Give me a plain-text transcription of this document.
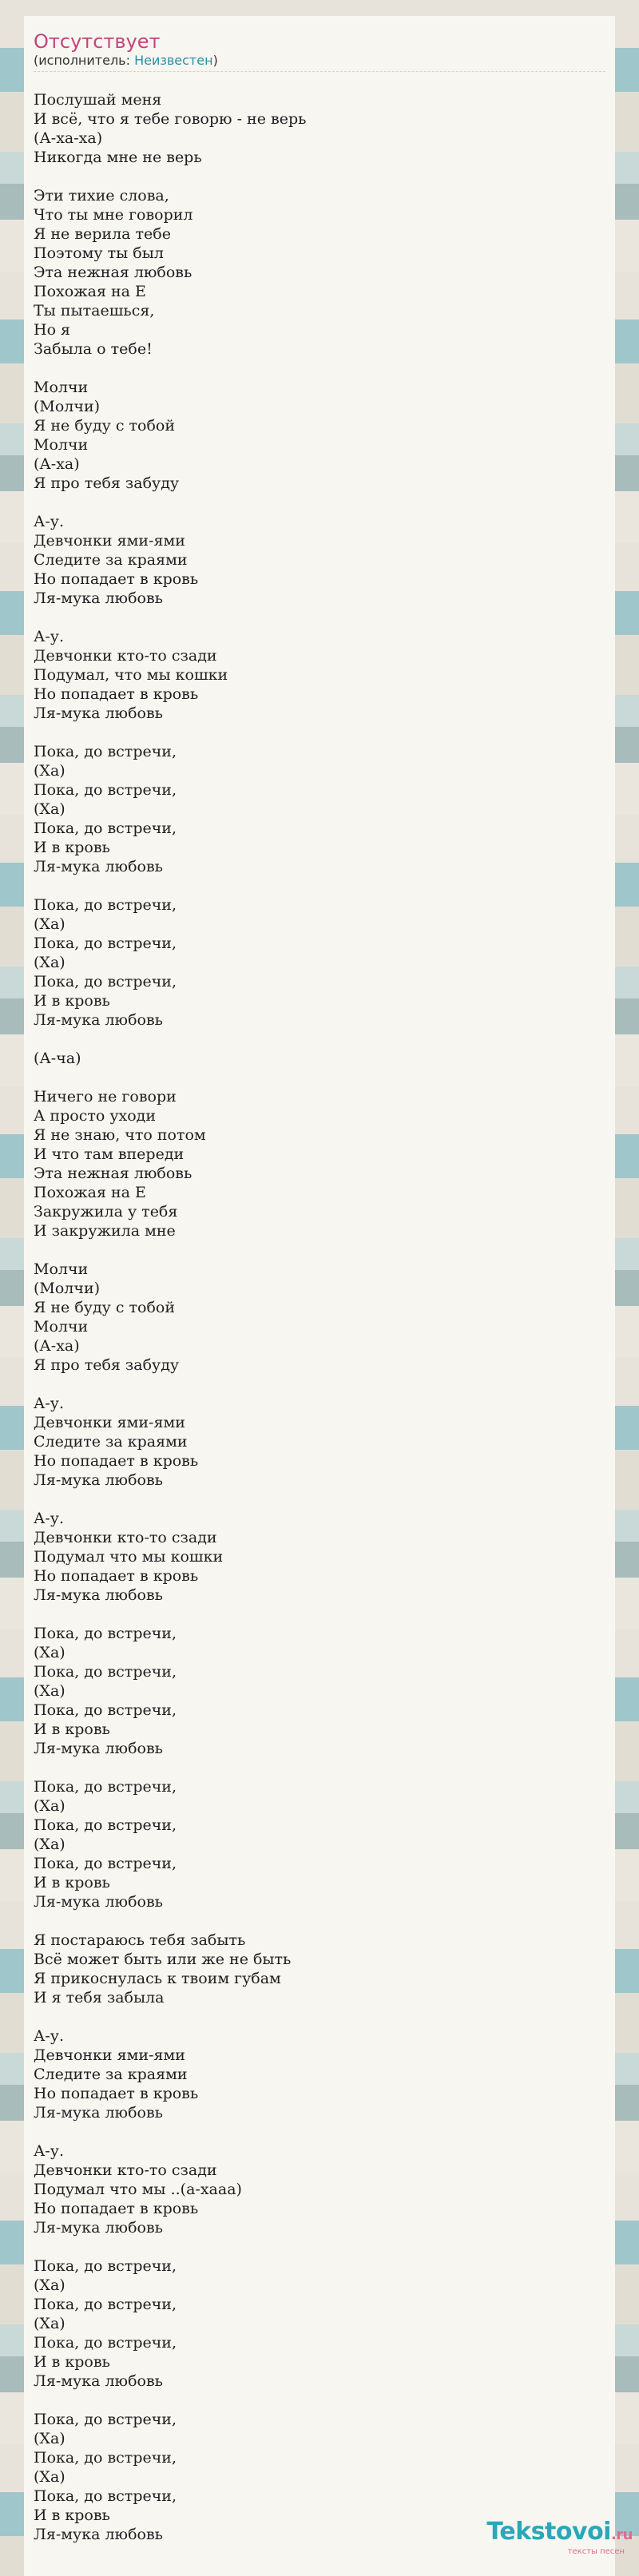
Отсутствует
(исполнитель: Неизвестен)
Послушай меня
И всё, что я тебе говорю - не верь
(А-ха-ха)
Никогда мне не верь
Эти тихие слова,
Что ты мне говорил
Я не верила тебе
Поэтому ты был
Эта нежная любовь
Похожая на Е
Ты пытаешься,
Но я
Забыла о тебе!
Молчи
(Молчи)
Я не буду с тобой
Молчи
(А-ха)
Я про тебя забуду
А-у.
Девчонки ями-ями
Следите за краями
Но попадает в кровь
Ля-мука любовь
А-у.
Девчонки кто-то сзади
Подумал, что мы кошки
Но попадает в кровь
Ля-мука любовь
Пока, до встречи,
(Ха)
Пока, до встречи,
(Ха)
Пока, до встречи,
И в кровь
Ля-мука любовь
Пока, до встречи,
(Ха)
Пока, до встречи,
(Ха)
Пока, до встречи,
И в кровь
Ля-мука любовь
(А-ча)
Ничего не говори
А просто уходи
Я не знаю, что потом
И что там впереди
Эта нежная любовь
Похожая на Е
Закружила у тебя
И закружила мне
Молчи
(Молчи)
Я не буду с тобой
Молчи
(А-ха)
Я про тебя забуду
А-у.
Девчонки ями-ями
Следите за краями
Но попадает в кровь
Ля-мука любовь
А-у.
Девчонки кто-то сзади
Подумал что мы кошки
Но попадает в кровь
Ля-мука любовь
Пока, до встречи,
(Ха)
Пока, до встречи,
(Ха)
Пока, до встречи,
И в кровь
Ля-мука любовь
Пока, до встречи,
(Ха)
Пока, до встречи,
(Ха)
Пока, до встречи,
И в кровь
Ля-мука любовь
Я постараюсь тебя забыть
Всё может быть или же не быть
Я прикоснулась к твоим губам
И я тебя забыла
А-у.
Девчонки ями-ями
Следите за краями
Но попадает в кровь
Ля-мука любовь
А-у.
Девчонки кто-то сзади
Подумал что мы ..(а-хааа)
Но попадает в кровь
Ля-мука любовь
Пока, до встречи,
(Ха)
Пока, до встречи,
(Ха)
Пока, до встречи,
И в кровь
Ля-мука любовь
Пока, до встречи,
(Ха)
Пока, до встречи,
(Ха)
Пока, до встречи,
И в кровь
Ля-мука любовь	Tekstovoi.ru
тексты песен
